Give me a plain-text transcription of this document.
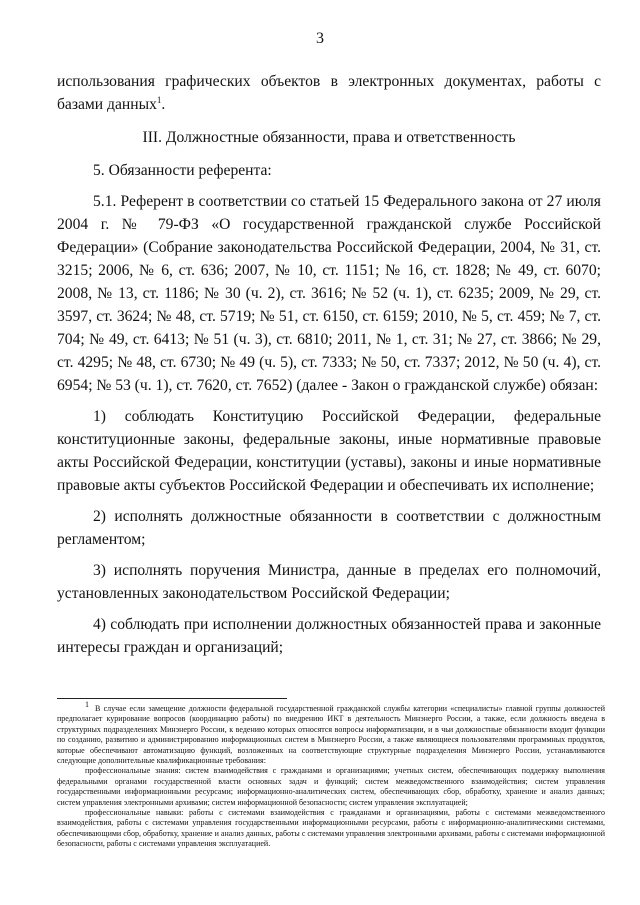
3

использования графических объектов в электронных документах, работы с базами данных$^1$.

III. Должностные обязанности, права и ответственность

5. Обязанности референта:

5.1. Референт в соответствии со статьей 15 Федерального закона от 27 июля 2004 г. № 79-ФЗ «О государственной гражданской службе Российской Федерации» (Собрание законодательства Российской Федерации, 2004, № 31, ст. 3215; 2006, № 6, ст. 636; 2007, № 10, ст. 1151; № 16, ст. 1828; № 49, ст. 6070; 2008, № 13, ст. 1186; № 30 (ч. 2), ст. 3616; № 52 (ч. 1), ст. 6235; 2009, № 29, ст. 3597, ст. 3624; № 48, ст. 5719; № 51, ст. 6150, ст. 6159; 2010, № 5, ст. 459; № 7, ст. 704; № 49, ст. 6413; № 51 (ч. 3), ст. 6810; 2011, № 1, ст. 31; № 27, ст. 3866; № 29, ст. 4295; № 48, ст. 6730; № 49 (ч. 5), ст. 7333; № 50, ст. 7337; 2012, № 50 (ч. 4), ст. 6954; № 53 (ч. 1), ст. 7620, ст. 7652) (далее - Закон о гражданской службе) обязан:

1) соблюдать Конституцию Российской Федерации, федеральные конституционные законы, федеральные законы, иные нормативные правовые акты Российской Федерации, конституции (уставы), законы и иные нормативные правовые акты субъектов Российской Федерации и обеспечивать их исполнение;

2) исполнять должностные обязанности в соответствии с должностным регламентом;

3) исполнять поручения Министра, данные в пределах его полномочий, установленных законодательством Российской Федерации;

4) соблюдать при исполнении должностных обязанностей права и законные интересы граждан и организаций;

1 В случае если замещение должности федеральной государственной гражданской службы категории «специалисты» главной группы должностей предполагает курирование вопросов (координацию работы) по внедрению ИКТ в деятельность Минэнерго России, а также, если должность введена в структурных подразделениях Минэнерго России, к ведению которых относятся вопросы информатизации, и в чьи должностные обязанности входит функции по созданию, развитию и администрированию информационных систем в Минэнерго России, а также являющиеся пользователями программных продуктов, которые обеспечивают автоматизацию функций, возложенных на соответствующие структурные подразделения Минэнерго России, устанавливаются следующие дополнительные квалификационные требования:

профессиональные знания: систем взаимодействия с гражданами и организациями; учетных систем, обеспечивающих поддержку выполнения федеральными органами государственной власти основных задач и функций; систем межведомственного взаимодействия; систем управления государственными информационными ресурсами; информационно-аналитических систем, обеспечивающих сбор, обработку, хранение и анализ данных; систем управления электронными архивами; систем информационной безопасности; систем управления эксплуатацией;

профессиональные навыки: работы с системами взаимодействия с гражданами и организациями, работы с системами межведомственного взаимодействия, работы с системами управления государственными информационными ресурсами, работы с информационно-аналитическими системами, обеспечивающими сбор, обработку, хранение и анализ данных, работы с системами управления электронными архивами, работы с системами информационной безопасности, работы с системами управления эксплуатацией.
